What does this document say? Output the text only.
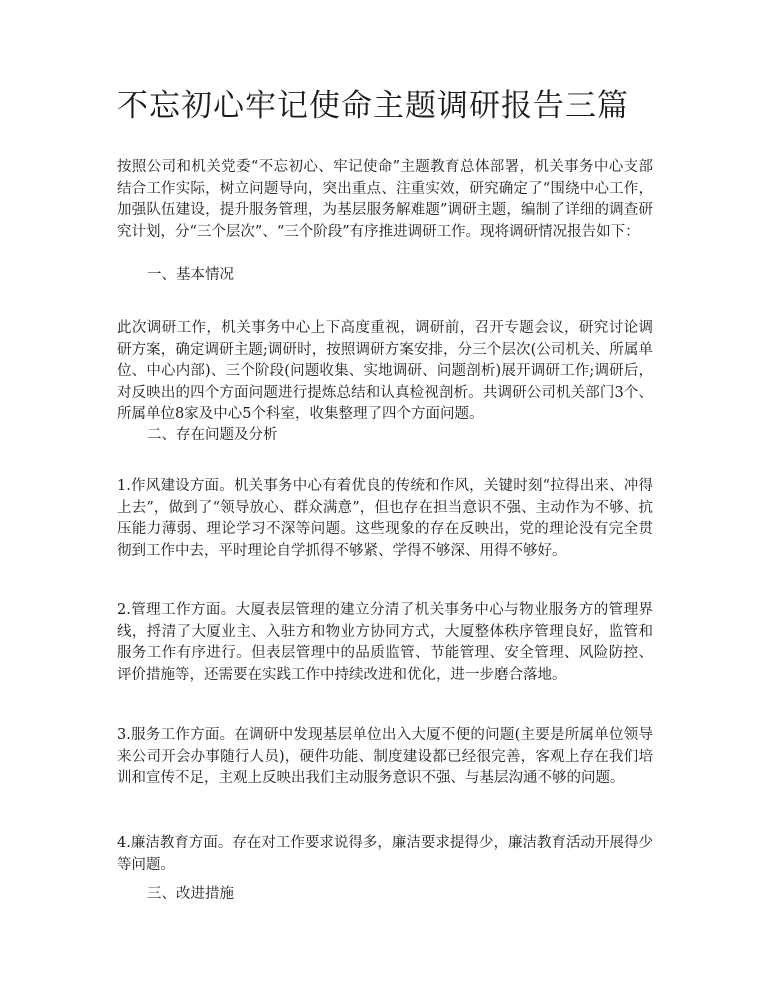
不忘初心牢记使命主题调研报告三篇

按照公司和机关党委“不忘初心、牢记使命”主题教育总体部署，机关事务中心支部结合工作实际，树立问题导向，突出重点、注重实效，研究确定了“围绕中心工作，加强队伍建设，提升服务管理，为基层服务解难题”调研主题，编制了详细的调查研究计划，分“三个层次”、“三个阶段”有序推进调研工作。现将调研情况报告如下：

一、基本情况

此次调研工作，机关事务中心上下高度重视，调研前，召开专题会议，研究讨论调研方案，确定调研主题;调研时，按照调研方案安排，分三个层次(公司机关、所属单位、中心内部)、三个阶段(问题收集、实地调研、问题剖析)展开调研工作;调研后，对反映出的四个方面问题进行提炼总结和认真检视剖析。共调研公司机关部门3个、所属单位8家及中心5个科室，收集整理了四个方面问题。

二、存在问题及分析

1.作风建设方面。机关事务中心有着优良的传统和作风，关键时刻“拉得出来、冲得上去”，做到了“领导放心、群众满意”，但也存在担当意识不强、主动作为不够、抗压能力薄弱、理论学习不深等问题。这些现象的存在反映出，党的理论没有完全贯彻到工作中去，平时理论自学抓得不够紧、学得不够深、用得不够好。

2.管理工作方面。大厦表层管理的建立分清了机关事务中心与物业服务方的管理界线，捋清了大厦业主、入驻方和物业方协同方式，大厦整体秩序管理良好，监管和服务工作有序进行。但表层管理中的品质监管、节能管理、安全管理、风险防控、评价措施等，还需要在实践工作中持续改进和优化，进一步磨合落地。

3.服务工作方面。在调研中发现基层单位出入大厦不便的问题(主要是所属单位领导来公司开会办事随行人员)，硬件功能、制度建设都已经很完善，客观上存在我们培训和宣传不足，主观上反映出我们主动服务意识不强、与基层沟通不够的问题。

4.廉洁教育方面。存在对工作要求说得多，廉洁要求提得少，廉洁教育活动开展得少等问题。

三、改进措施
